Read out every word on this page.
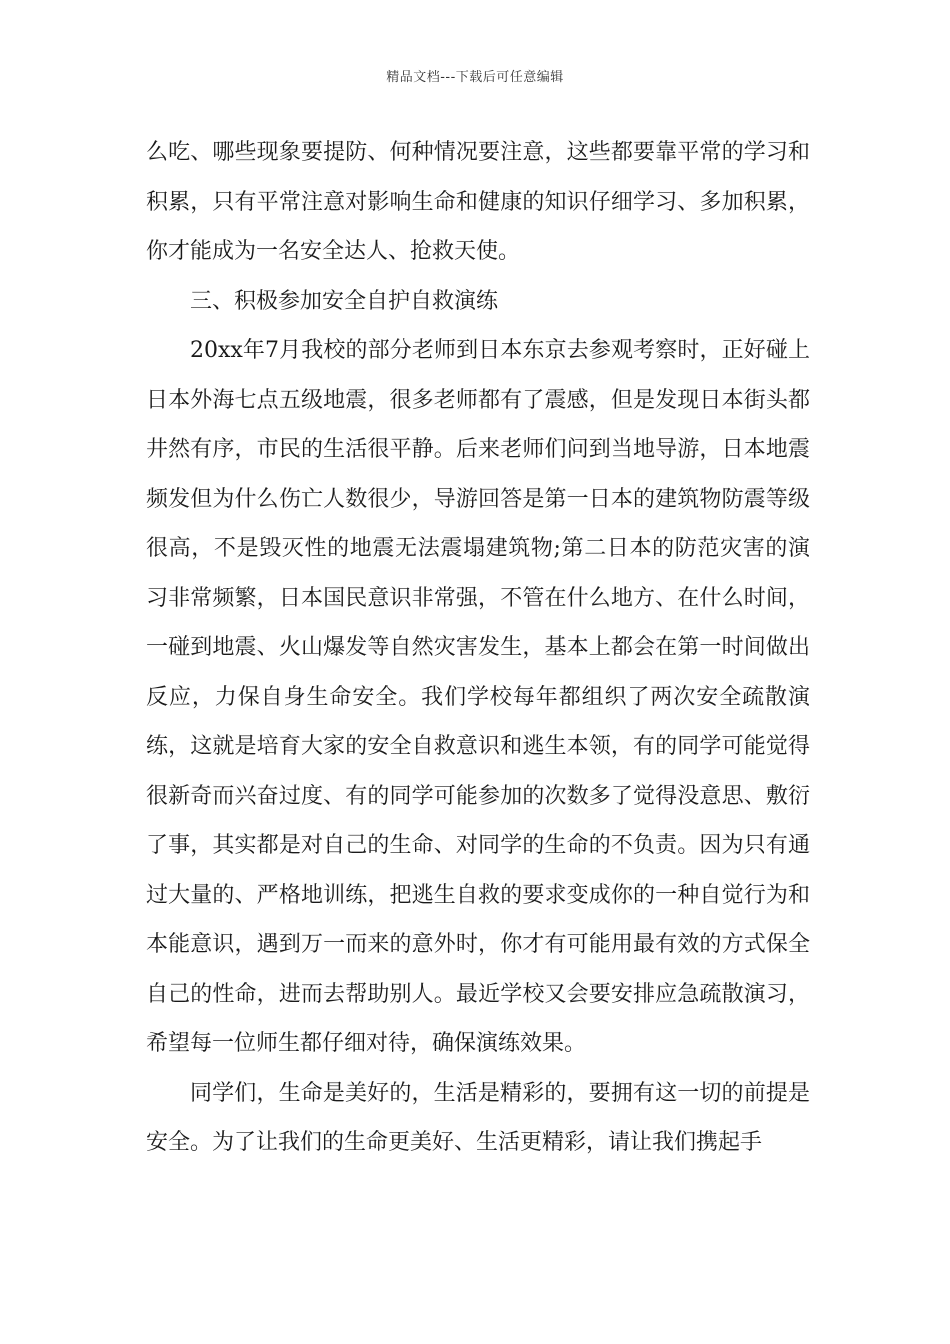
精品文档---下载后可任意编辑

么吃、哪些现象要提防、何种情况要注意，这些都要靠平常的学习和积累，只有平常注意对影响生命和健康的知识仔细学习、多加积累，你才能成为一名安全达人、抢救天使。

三、积极参加安全自护自救演练

20xx年7月我校的部分老师到日本东京去参观考察时，正好碰上日本外海七点五级地震，很多老师都有了震感，但是发现日本街头都井然有序，市民的生活很平静。后来老师们问到当地导游，日本地震频发但为什么伤亡人数很少，导游回答是第一日本的建筑物防震等级很高，不是毁灭性的地震无法震塌建筑物;第二日本的防范灾害的演习非常频繁，日本国民意识非常强，不管在什么地方、在什么时间，一碰到地震、火山爆发等自然灾害发生，基本上都会在第一时间做出反应，力保自身生命安全。我们学校每年都组织了两次安全疏散演练，这就是培育大家的安全自救意识和逃生本领，有的同学可能觉得很新奇而兴奋过度、有的同学可能参加的次数多了觉得没意思、敷衍了事，其实都是对自己的生命、对同学的生命的不负责。因为只有通过大量的、严格地训练，把逃生自救的要求变成你的一种自觉行为和本能意识，遇到万一而来的意外时，你才有可能用最有效的方式保全自己的性命，进而去帮助别人。最近学校又会要安排应急疏散演习，希望每一位师生都仔细对待，确保演练效果。

同学们，生命是美好的，生活是精彩的，要拥有这一切的前提是安全。为了让我们的生命更美好、生活更精彩，请让我们携起手
